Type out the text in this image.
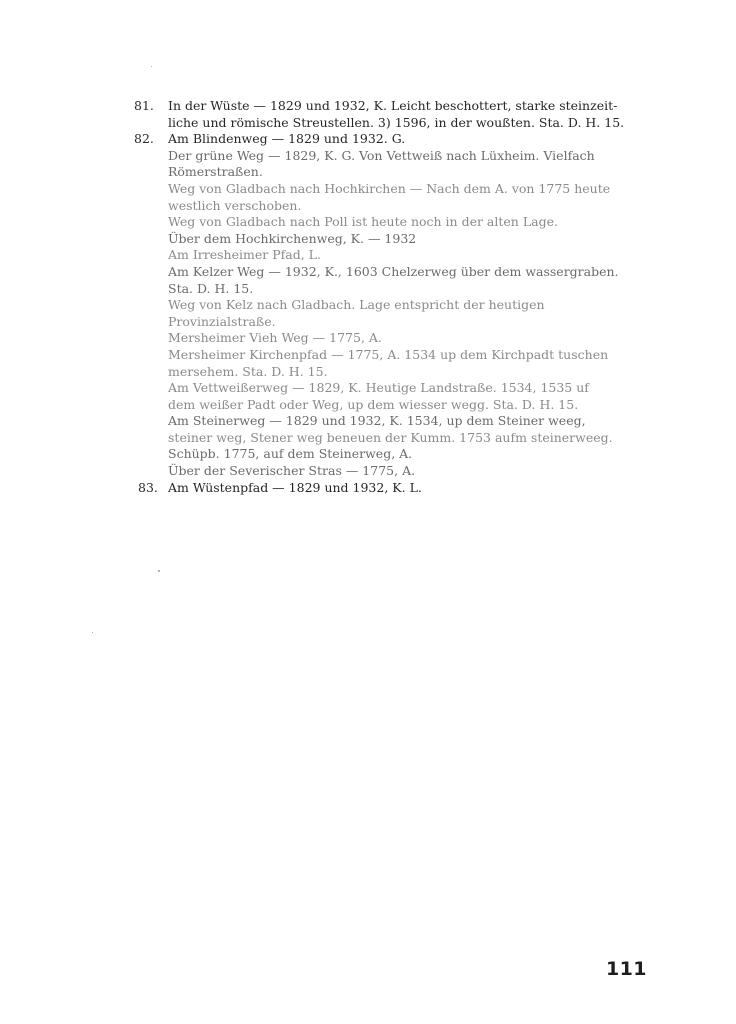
81.	In der Wüste — 1829 und 1932, K. Leicht beschottert, starke steinzeit-
liche und römische Streustellen. 3) 1596, in der woußten. Sta. D. H. 15.
82.	Am Blindenweg — 1829 und 1932. G.
Der grüne Weg — 1829, K. G. Von Vettweiß nach Lüxheim. Vielfach
Römerstraßen.
Weg von Gladbach nach Hochkirchen — Nach dem A. von 1775 heute
westlich verschoben.
Weg von Gladbach nach Poll ist heute noch in der alten Lage.
Über dem Hochkirchenweg, K. — 1932
Am Irresheimer Pfad, L.
Am Kelzer Weg — 1932, K., 1603 Chelzerweg über dem wassergraben.
Sta. D. H. 15.
Weg von Kelz nach Gladbach. Lage entspricht der heutigen
Provinzialstraße.
Mersheimer Vieh Weg — 1775, A.
Mersheimer Kirchenpfad — 1775, A. 1534 up dem Kirchpadt tuschen
mersehem. Sta. D. H. 15.
Am Vettweißerweg — 1829, K. Heutige Landstraße. 1534, 1535 uf
dem weißer Padt oder Weg, up dem wiesser wegg. Sta. D. H. 15.
Am Steinerweg — 1829 und 1932, K. 1534, up dem Steiner weeg,
steiner weg, Stener weg beneuen der Kumm. 1753 aufm steinerweeg.
Schüpb. 1775, auf dem Steinerweg, A.
Über der Severischer Stras — 1775, A.
83. Am Wüstenpfad — 1829 und 1932, K. L.
111
